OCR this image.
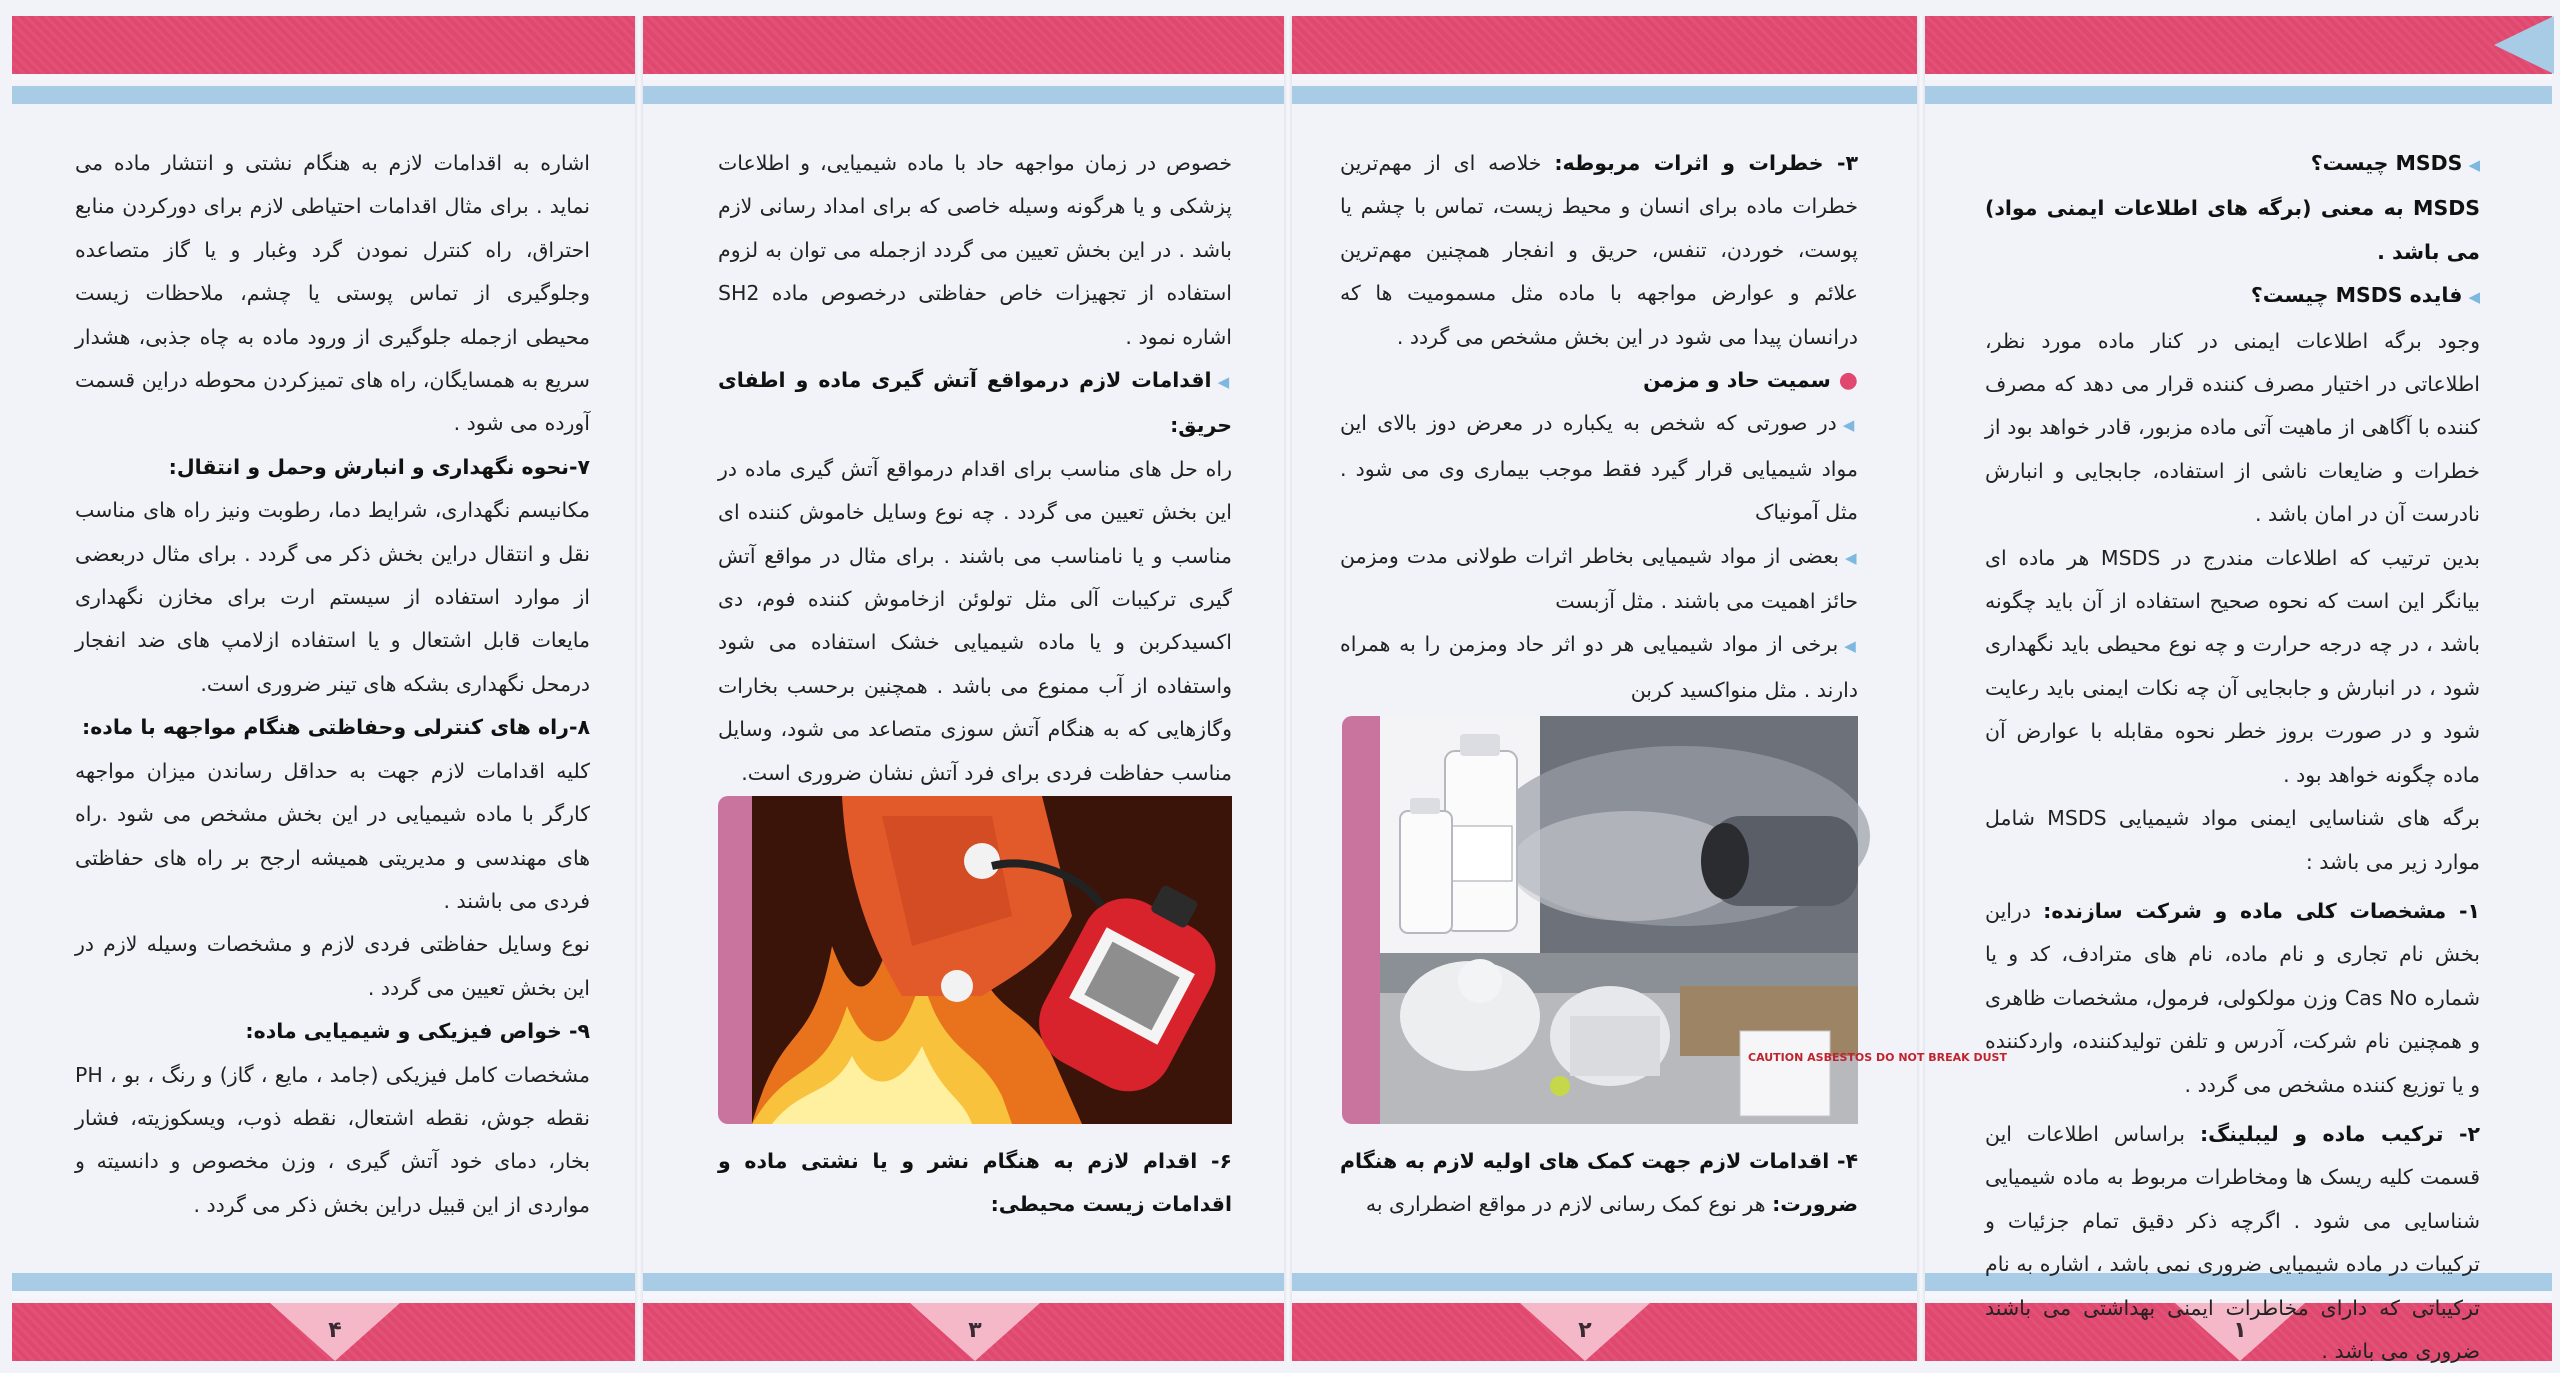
۴	۳	۲	۱

◀ MSDS چیست؟

MSDS به معنی (برگه های اطلاعات ایمنی مواد) می باشد .

◀ فایده MSDS چیست؟

وجود برگه اطلاعات ایمنی در کنار ماده مورد نظر، اطلاعاتی در اختیار مصرف کننده قرار می دهد که مصرف کننده با آگاهی از ماهیت آتی ماده مزبور، قادر خواهد بود از خطرات و ضایعات ناشی از استفاده، جابجایی و انبارش نادرست آن در امان باشد .

بدین ترتیب که اطلاعات مندرج در MSDS هر ماده ای بیانگر این است که نحوه صحیح استفاده از آن باید چگونه باشد ، در چه درجه حرارت و چه نوع محیطی باید نگهداری شود ، در انبارش و جابجایی آن چه نکات ایمنی باید رعایت شود و در صورت بروز خطر نحوه مقابله با عوارض آن ماده چگونه خواهد بود .

برگه های شناسایی ایمنی مواد شیمیایی MSDS شامل موارد زیر می باشد :

۱- مشخصات کلی ماده و شرکت سازنده: دراین بخش نام تجاری و نام ماده، نام های مترادف، کد و یا شماره Cas No وزن مولکولی، فرمول، مشخصات ظاهری و همچنین نام شرکت، آدرس و تلفن تولیدکننده، واردکننده و یا توزیع کننده مشخص می گردد .

۲- ترکیب ماده و لیبلینگ: براساس اطلاعات این قسمت کلیه ریسک ها ومخاطرات مربوط به ماده شیمیایی شناسایی می شود . اگرچه ذکر دقیق تمام جزئیات و ترکیبات در ماده شیمیایی ضروری نمی باشد ، اشاره به نام ترکیباتی که دارای مخاطرات ایمنی بهداشتی می باشند ضروری می باشد .

۳- خطرات و اثرات مربوطه: خلاصه ای از مهم‌ترین خطرات ماده برای انسان و محیط زیست، تماس با چشم یا پوست، خوردن، تنفس، حریق و انفجار همچنین مهم‌ترین علائم و عوارض مواجهه با ماده مثل مسمومیت ها که درانسان پیدا می شود در این بخش مشخص می گردد .

● سمیت حاد و مزمن

◀ در صورتی که شخص به یکباره در معرض دوز بالای این مواد شیمیایی قرار گیرد فقط موجب بیماری وی می شود . مثل آمونیاک

◀ بعضی از مواد شیمیایی بخاطر اثرات طولانی مدت ومزمن حائز اهمیت می باشند . مثل آزبست

◀ برخی از مواد شیمیایی هر دو اثر حاد ومزمن را به همراه دارند . مثل منواکسید کربن

CAUTION ASBESTOS DO NOT BREAK DUST

۴- اقدامات لازم جهت کمک های اولیه لازم به هنگام ضرورت: هر نوع کمک رسانی لازم در مواقع اضطراری به

خصوص در زمان مواجهه حاد با ماده شیمیایی، و اطلاعات پزشکی و یا هرگونه وسیله خاصی که برای امداد رسانی لازم باشد . در این بخش تعیین می گردد ازجمله می توان به لزوم استفاده از تجهیزات خاص حفاظتی درخصوص ماده SH2 اشاره نمود .

◀ اقدامات لازم درمواقع آتش گیری ماده و اطفای حریق:

راه حل های مناسب برای اقدام درمواقع آتش گیری ماده در این بخش تعیین می گردد . چه نوع وسایل خاموش کننده ای مناسب و یا نامناسب می باشند . برای مثال در مواقع آتش گیری ترکیبات آلی مثل تولوئن ازخاموش کننده فوم، دی اکسیدکربن و یا ماده شیمیایی خشک استفاده می شود واستفاده از آب ممنوع می باشد . همچنین برحسب بخارات وگازهایی که به هنگام آتش سوزی متصاعد می شود، وسایل مناسب حفاظت فردی برای فرد آتش نشان ضروری است.

۶- اقدام لازم به هنگام نشر و یا نشتی ماده و اقدامات زیست محیطی:

اشاره به اقدامات لازم به هنگام نشتی و انتشار ماده می نماید . برای مثال اقدامات احتیاطی لازم برای دورکردن منابع احتراق، راه کنترل نمودن گرد وغبار و یا گاز متصاعده وجلوگیری از تماس پوستی یا چشم، ملاحظات زیست محیطی ازجمله جلوگیری از ورود ماده به چاه جذبی، هشدار سریع به همسایگان، راه های تمیزکردن محوطه دراین قسمت آورده می شود .

۷-نحوه نگهداری و انبارش وحمل و انتقال:

مکانیسم نگهداری، شرایط دما، رطوبت ونیز راه های مناسب نقل و انتقال دراین بخش ذکر می گردد . برای مثال دربعضی از موارد استفاده از سیستم ارت برای مخازن نگهداری مایعات قابل اشتعال و یا استفاده ازلامپ های ضد انفجار درمحل نگهداری بشکه های تینر ضروری است.

۸-راه های کنترلی وحفاظتی هنگام مواجهه با ماده:

کلیه اقدامات لازم جهت به حداقل رساندن میزان مواجهه کارگر با ماده شیمیایی در این بخش مشخص می شود .راه های مهندسی و مدیریتی همیشه ارجح بر راه های حفاظتی فردی می باشند .

نوع وسایل حفاظتی فردی لازم و مشخصات وسیله لازم در این بخش تعیین می گردد .

۹- خواص فیزیکی و شیمیایی ماده:

مشخصات کامل فیزیکی (جامد ، مایع ، گاز) و رنگ ، بو ، PH نقطه جوش، نقطه اشتعال، نقطه ذوب، ویسکوزیته، فشار بخار، دمای خود آتش گیری ، وزن مخصوص و دانسیته و مواردی از این قبیل دراین بخش ذکر می گردد .
